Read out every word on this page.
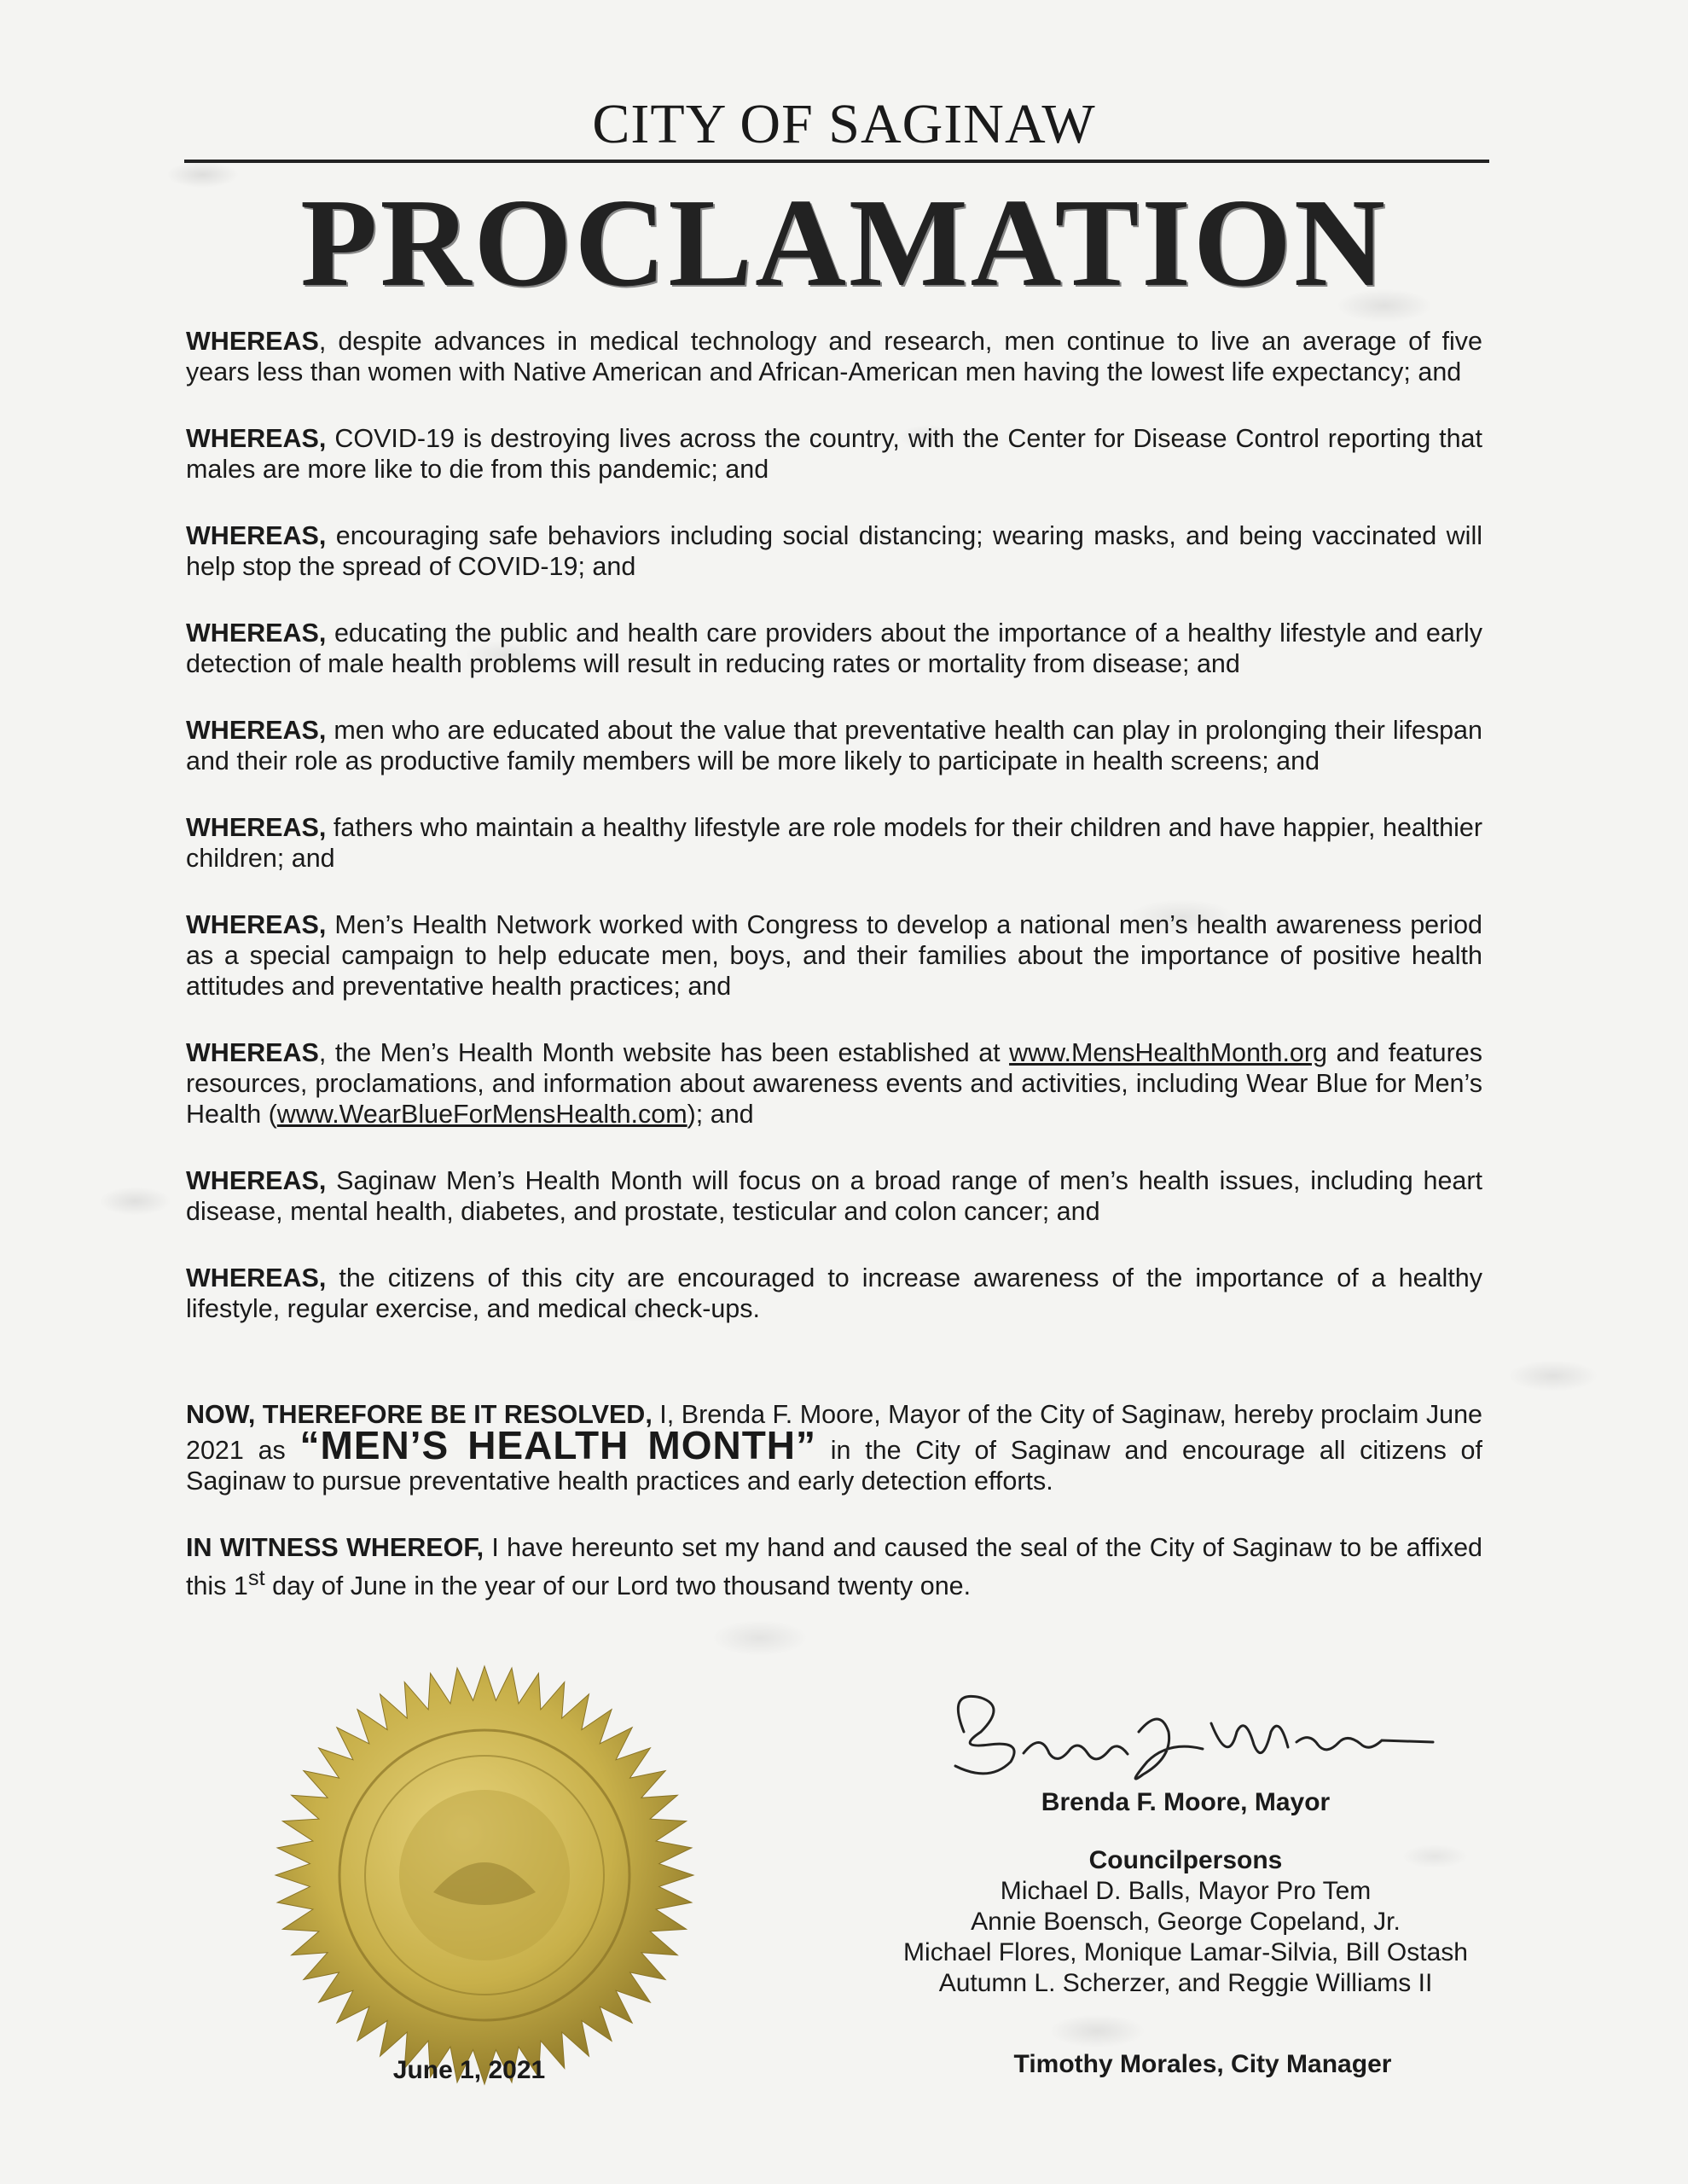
CITY OF SAGINAW
PROCLAMATION

WHEREAS, despite advances in medical technology and research, men continue to live an average of five years less than women with Native American and African-American men having the lowest life expectancy; and

WHEREAS, COVID-19 is destroying lives across the country, with the Center for Disease Control reporting that males are more like to die from this pandemic; and

WHEREAS, encouraging safe behaviors including social distancing; wearing masks, and being vaccinated will help stop the spread of COVID-19; and

WHEREAS, educating the public and health care providers about the importance of a healthy lifestyle and early detection of male health problems will result in reducing rates or mortality from disease; and

WHEREAS, men who are educated about the value that preventative health can play in prolonging their lifespan and their role as productive family members will be more likely to participate in health screens; and

WHEREAS, fathers who maintain a healthy lifestyle are role models for their children and have happier, healthier children; and

WHEREAS, Men’s Health Network worked with Congress to develop a national men’s health awareness period as a special campaign to help educate men, boys, and their families about the importance of positive health attitudes and preventative health practices; and

WHEREAS, the Men’s Health Month website has been established at www.MensHealthMonth.org and features resources, proclamations, and information about awareness events and activities, including Wear Blue for Men’s Health (www.WearBlueForMensHealth.com); and

WHEREAS, Saginaw Men’s Health Month will focus on a broad range of men’s health issues, including heart disease, mental health, diabetes, and prostate, testicular and colon cancer; and

WHEREAS, the citizens of this city are encouraged to increase awareness of the importance of a healthy lifestyle, regular exercise, and medical check-ups.

NOW, THEREFORE BE IT RESOLVED, I, Brenda F. Moore, Mayor of the City of Saginaw, hereby proclaim June 2021 as “MEN’S HEALTH MONTH” in the City of Saginaw and encourage all citizens of Saginaw to pursue preventative health practices and early detection efforts.

IN WITNESS WHEREOF, I have hereunto set my hand and caused the seal of the City of Saginaw to be affixed this 1st day of June in the year of our Lord two thousand twenty one.

June 1, 2021
Brenda F. Moore, Mayor
Councilpersons
Michael D. Balls, Mayor Pro Tem
Annie Boensch, George Copeland, Jr.
Michael Flores, Monique Lamar-Silvia, Bill Ostash
Autumn L. Scherzer, and Reggie Williams II
Timothy Morales, City Manager
